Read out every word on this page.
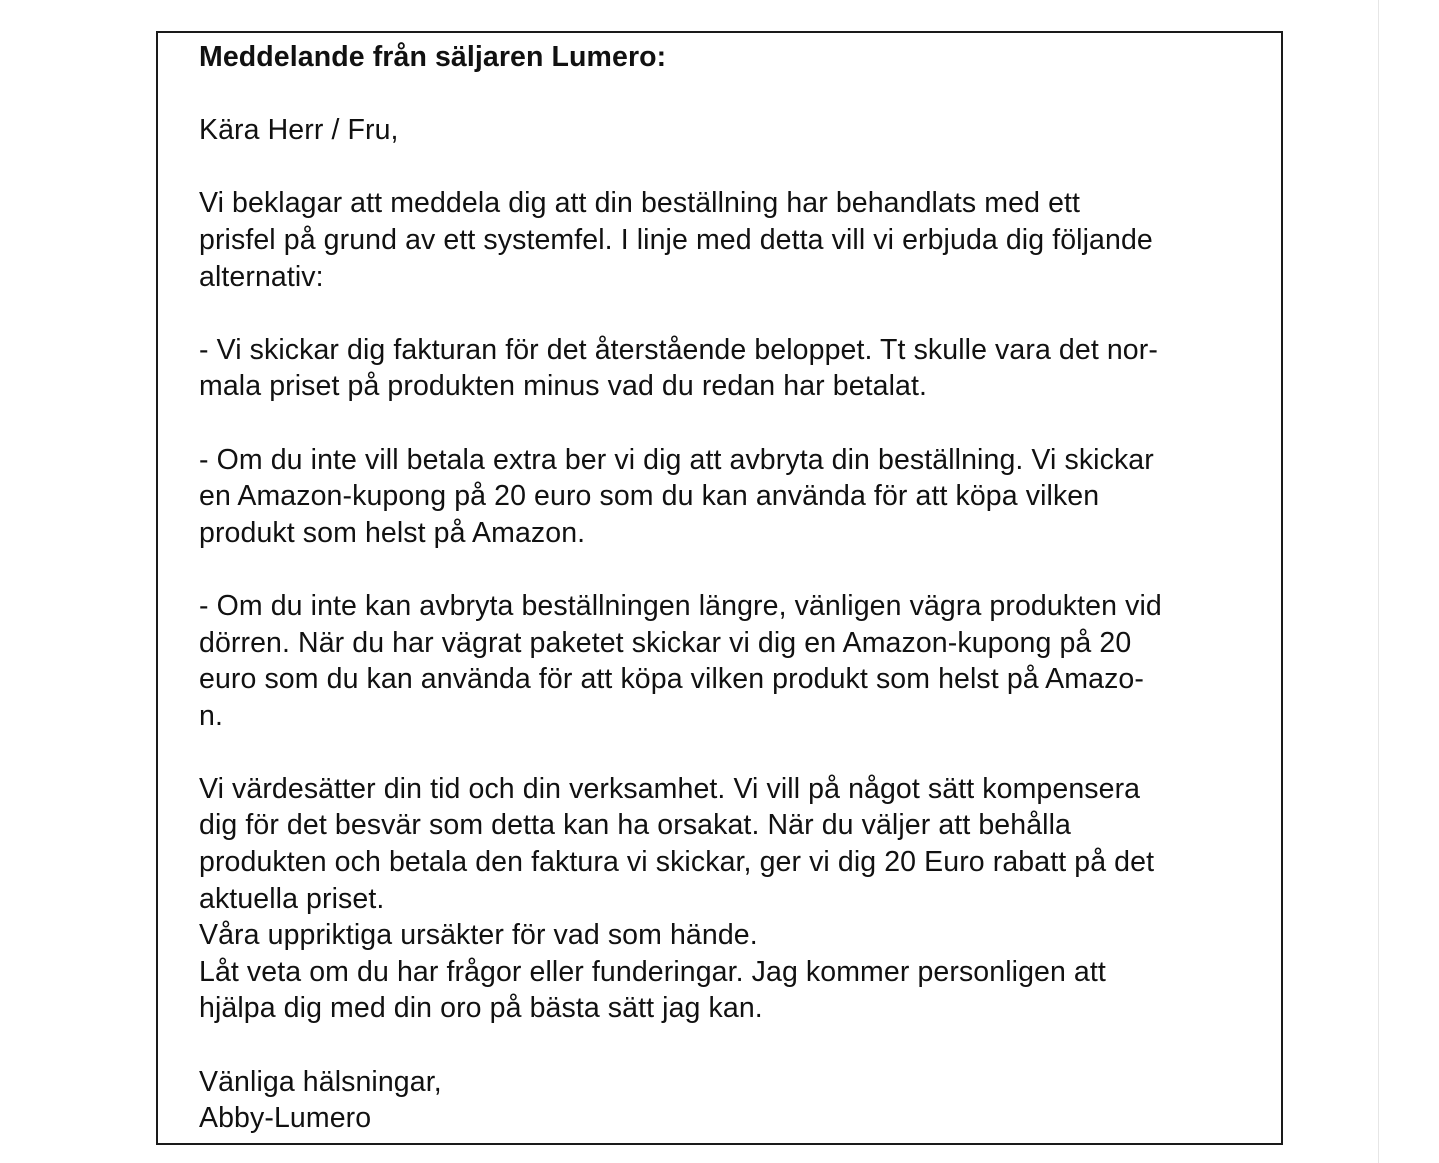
Meddelande från säljaren Lumero:

Kära Herr / Fru,

Vi beklagar att meddela dig att din beställning har behandlats med ett

prisfel på grund av ett systemfel. I linje med detta vill vi erbjuda dig följande

alternativ:

- Vi skickar dig fakturan för det återstående beloppet. Tt skulle vara det nor-

mala priset på produkten minus vad du redan har betalat.

- Om du inte vill betala extra ber vi dig att avbryta din beställning. Vi skickar

en Amazon-kupong på 20 euro som du kan använda för att köpa vilken

produkt som helst på Amazon.

- Om du inte kan avbryta beställningen längre, vänligen vägra produkten vid

dörren. När du har vägrat paketet skickar vi dig en Amazon-kupong på 20

euro som du kan använda för att köpa vilken produkt som helst på Amazo-

n.

Vi värdesätter din tid och din verksamhet. Vi vill på något sätt kompensera

dig för det besvär som detta kan ha orsakat. När du väljer att behålla

produkten och betala den faktura vi skickar, ger vi dig 20 Euro rabatt på det

aktuella priset.

Våra uppriktiga ursäkter för vad som hände.

Låt veta om du har frågor eller funderingar. Jag kommer personligen att

hjälpa dig med din oro på bästa sätt jag kan.

Vänliga hälsningar,

Abby-Lumero
